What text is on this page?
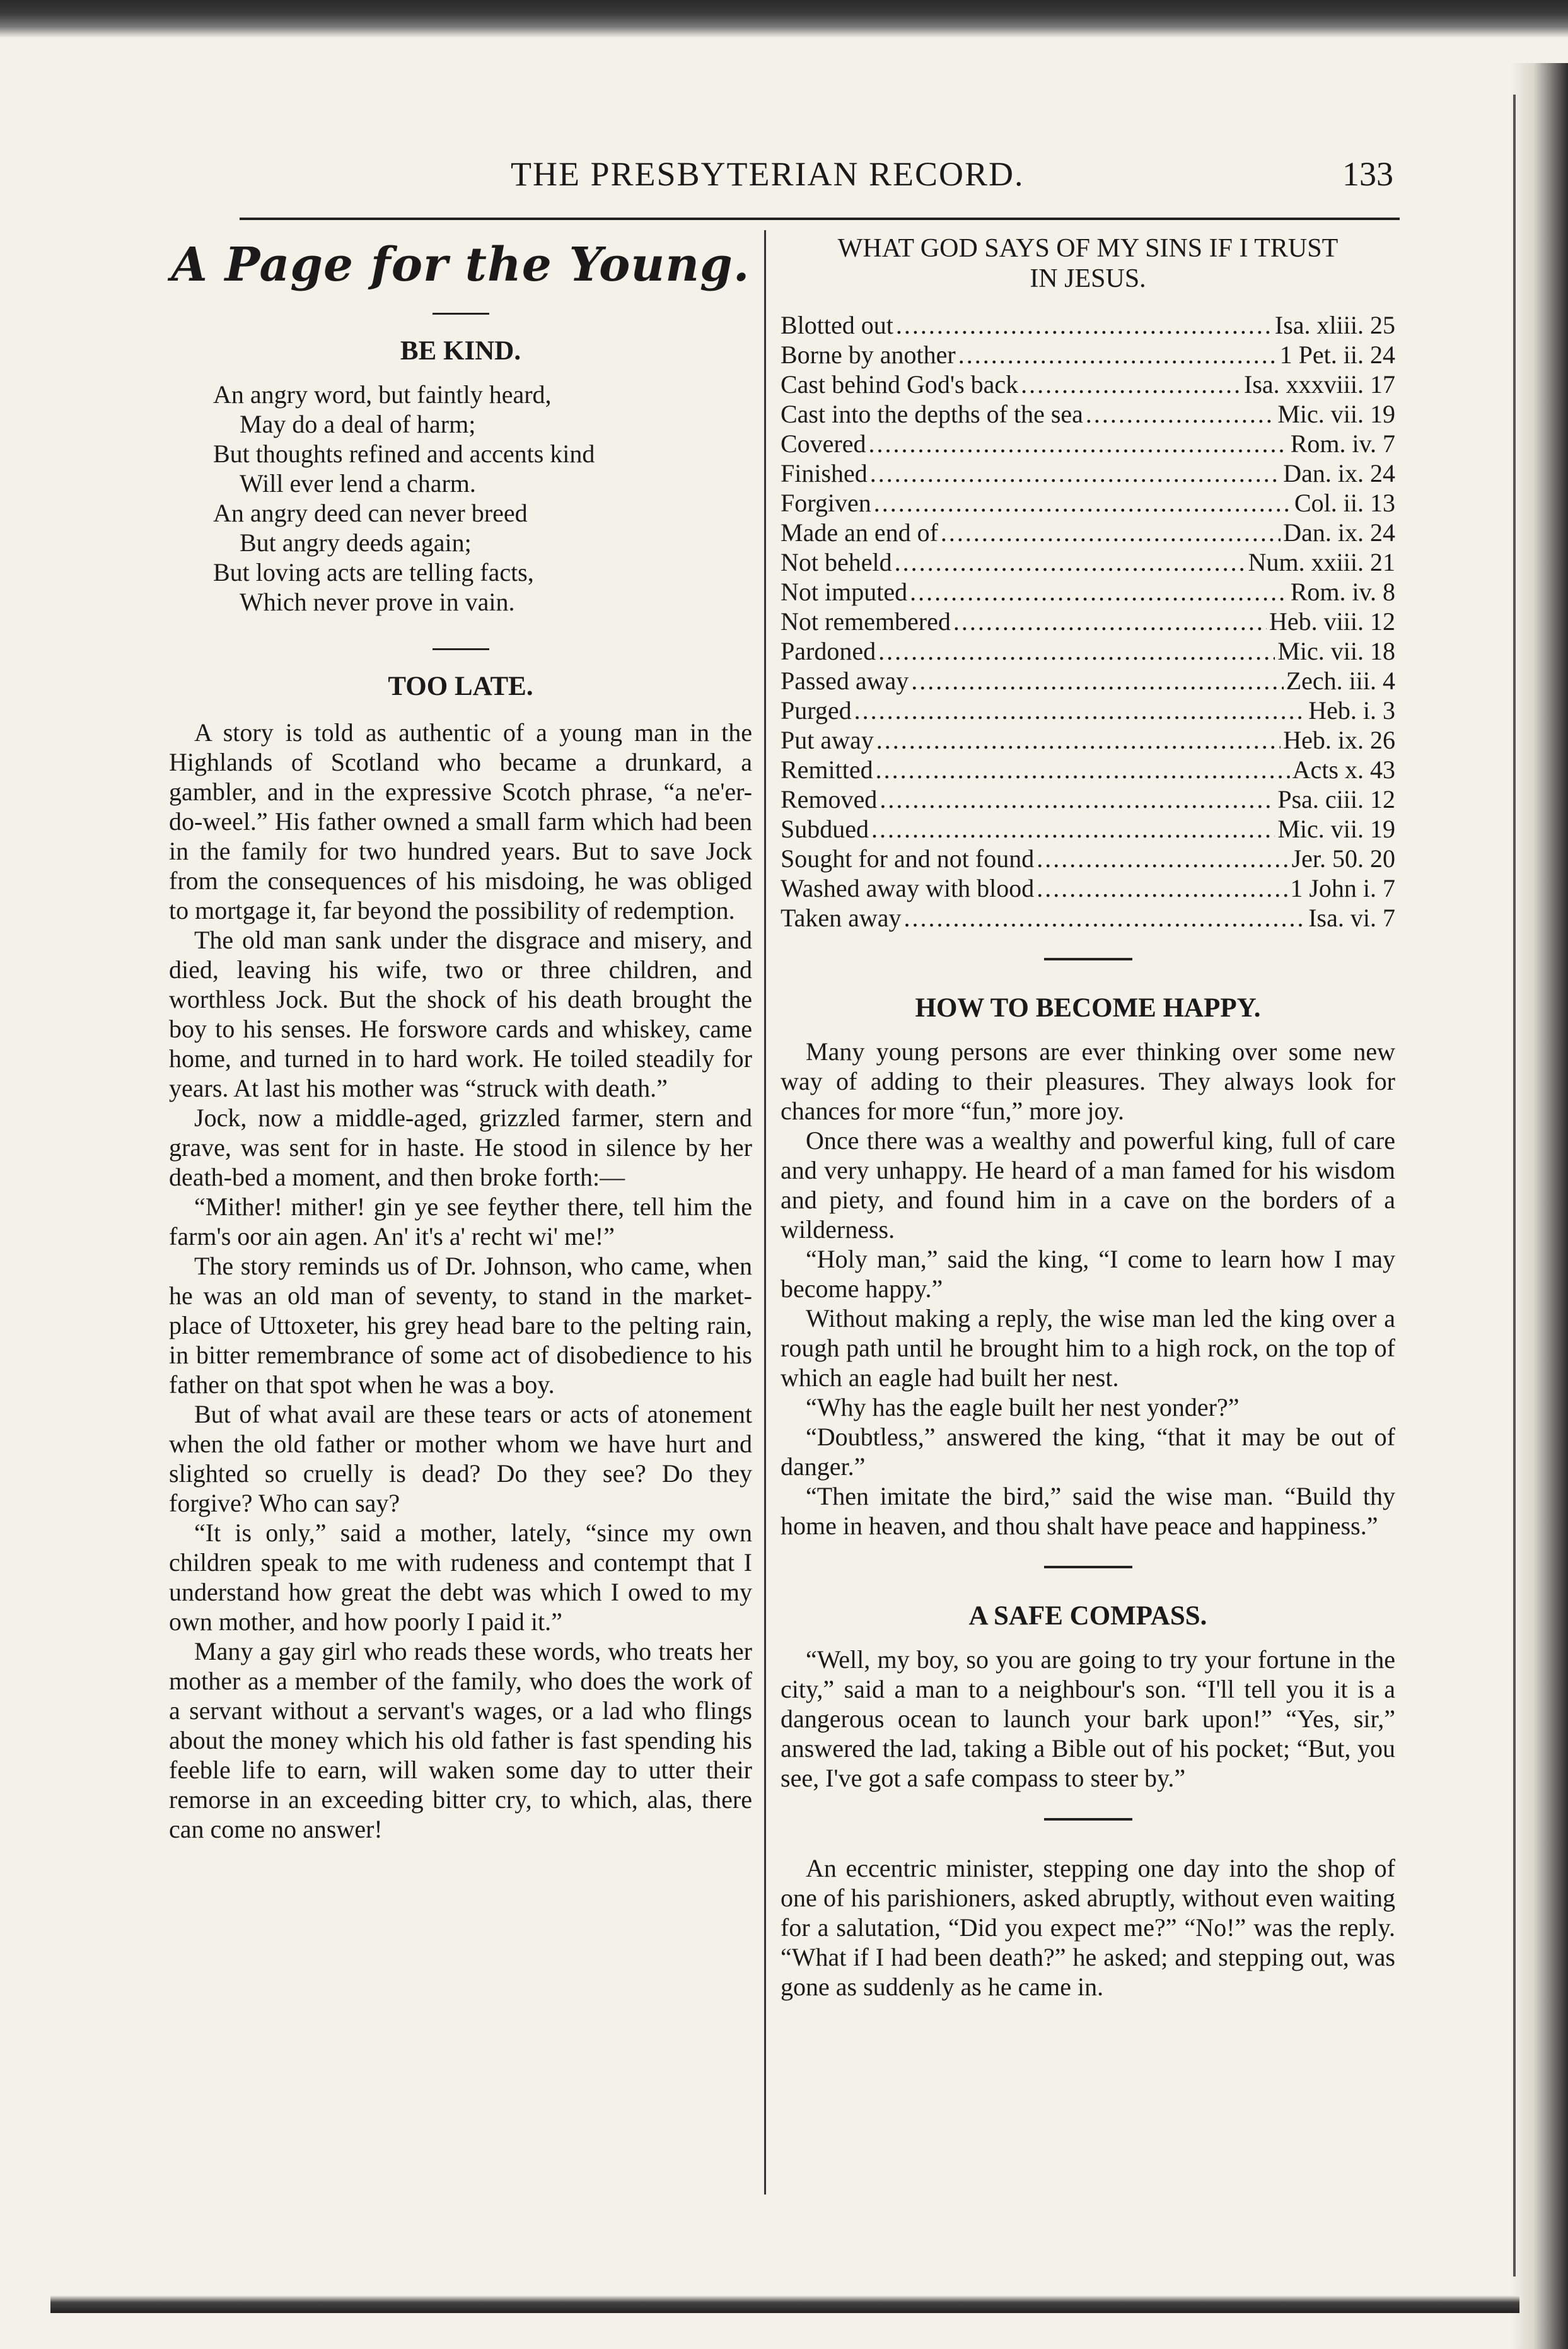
THE PRESBYTERIAN RECORD.	133
A Page for the Young.
BE KIND.

An angry word, but faintly heard,

May do a deal of harm;

But thoughts refined and accents kind

Will ever lend a charm.

An angry deed can never breed

But angry deeds again;

But loving acts are telling facts,

Which never prove in vain.

TOO LATE.

A story is told as authentic of a young man in the Highlands of Scotland who became a drunkard, a gambler, and in the expressive Scotch phrase, “a ne'er-do-weel.” His father owned a small farm which had been in the family for two hundred years. But to save Jock from the consequences of his misdoing, he was obliged to mortgage it, far beyond the possibility of redemption.

The old man sank under the disgrace and misery, and died, leaving his wife, two or three children, and worthless Jock. But the shock of his death brought the boy to his senses. He forswore cards and whiskey, came home, and turned in to hard work. He toiled steadily for years. At last his mother was “struck with death.”

Jock, now a middle-aged, grizzled farmer, stern and grave, was sent for in haste. He stood in silence by her death-bed a moment, and then broke forth:—

“Mither! mither! gin ye see feyther there, tell him the farm's oor ain agen. An' it's a' recht wi' me!”

The story reminds us of Dr. Johnson, who came, when he was an old man of seventy, to stand in the market-place of Uttoxeter, his grey head bare to the pelting rain, in bitter remembrance of some act of disobedience to his father on that spot when he was a boy.

But of what avail are these tears or acts of atonement when the old father or mother whom we have hurt and slighted so cruelly is dead? Do they see? Do they forgive? Who can say?

“It is only,” said a mother, lately, “since my own children speak to me with rudeness and contempt that I understand how great the debt was which I owed to my own mother, and how poorly I paid it.”

Many a gay girl who reads these words, who treats her mother as a member of the family, who does the work of a servant without a servant's wages, or a lad who flings about the money which his old father is fast spending his feeble life to earn, will waken some day to utter their remorse in an exceeding bitter cry, to which, alas, there can come no answer!

WHAT GOD SAYS OF MY SINS IF I TRUST
IN JESUS.
Blotted out .....	Isa. xliii. 25
Borne by another .....	1 Pet. ii. 24
Cast behind God's back .....	Isa. xxxviii. 17
Cast into the depths of the sea .....	Mic. vii. 19
Covered .....	Rom. iv. 7
Finished .....	Dan. ix. 24
Forgiven .....	Col. ii. 13
Made an end of .....	Dan. ix. 24
Not beheld .....	Num. xxiii. 21
Not imputed .....	Rom. iv. 8
Not remembered .....	Heb. viii. 12
Pardoned .....	Mic. vii. 18
Passed away .....	Zech. iii. 4
Purged .....	Heb. i. 3
Put away .....	Heb. ix. 26
Remitted .....	Acts x. 43
Removed .....	Psa. ciii. 12
Subdued .....	Mic. vii. 19
Sought for and not found .....	Jer. 50. 20
Washed away with blood .....	1 John i. 7
Taken away .....	Isa. vi. 7
HOW TO BECOME HAPPY.

Many young persons are ever thinking over some new way of adding to their pleasures. They always look for chances for more “fun,” more joy.

Once there was a wealthy and powerful king, full of care and very unhappy. He heard of a man famed for his wisdom and piety, and found him in a cave on the borders of a wilderness.

“Holy man,” said the king, “I come to learn how I may become happy.”

Without making a reply, the wise man led the king over a rough path until he brought him to a high rock, on the top of which an eagle had built her nest.

“Why has the eagle built her nest yonder?”

“Doubtless,” answered the king, “that it may be out of danger.”

“Then imitate the bird,” said the wise man. “Build thy home in heaven, and thou shalt have peace and happiness.”

A SAFE COMPASS.

“Well, my boy, so you are going to try your fortune in the city,” said a man to a neighbour's son. “I'll tell you it is a dangerous ocean to launch your bark upon!” “Yes, sir,” answered the lad, taking a Bible out of his pocket; “But, you see, I've got a safe compass to steer by.”

An eccentric minister, stepping one day into the shop of one of his parishioners, asked abruptly, without even waiting for a salutation, “Did you expect me?” “No!” was the reply. “What if I had been death?” he asked; and stepping out, was gone as suddenly as he came in.
